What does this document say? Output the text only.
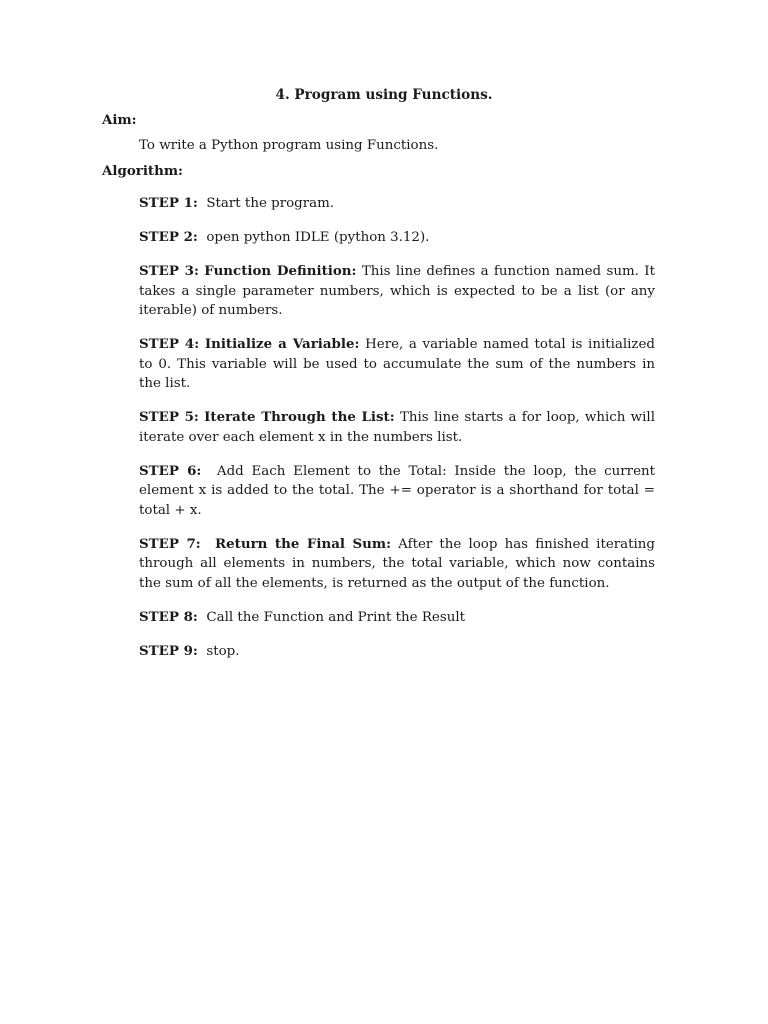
4. Program using Functions.
Aim:
To write a Python program using Functions.
Algorithm:

STEP 1: Start the program.

STEP 2: open python IDLE (python 3.12).

STEP 3: Function Definition: This line defines a function named sum. It takes a single parameter numbers, which is expected to be a list (or any iterable) of numbers.

STEP 4: Initialize a Variable: Here, a variable named total is initialized to 0. This variable will be used to accumulate the sum of the numbers in the list.

STEP 5: Iterate Through the List: This line starts a for loop, which will iterate over each element x in the numbers list.

STEP 6: Add Each Element to the Total: Inside the loop, the current element x is added to the total. The += operator is a shorthand for total = total + x.

STEP 7: Return the Final Sum: After the loop has finished iterating through all elements in numbers, the total variable, which now contains the sum of all the elements, is returned as the output of the function.

STEP 8: Call the Function and Print the Result

STEP 9: stop.
